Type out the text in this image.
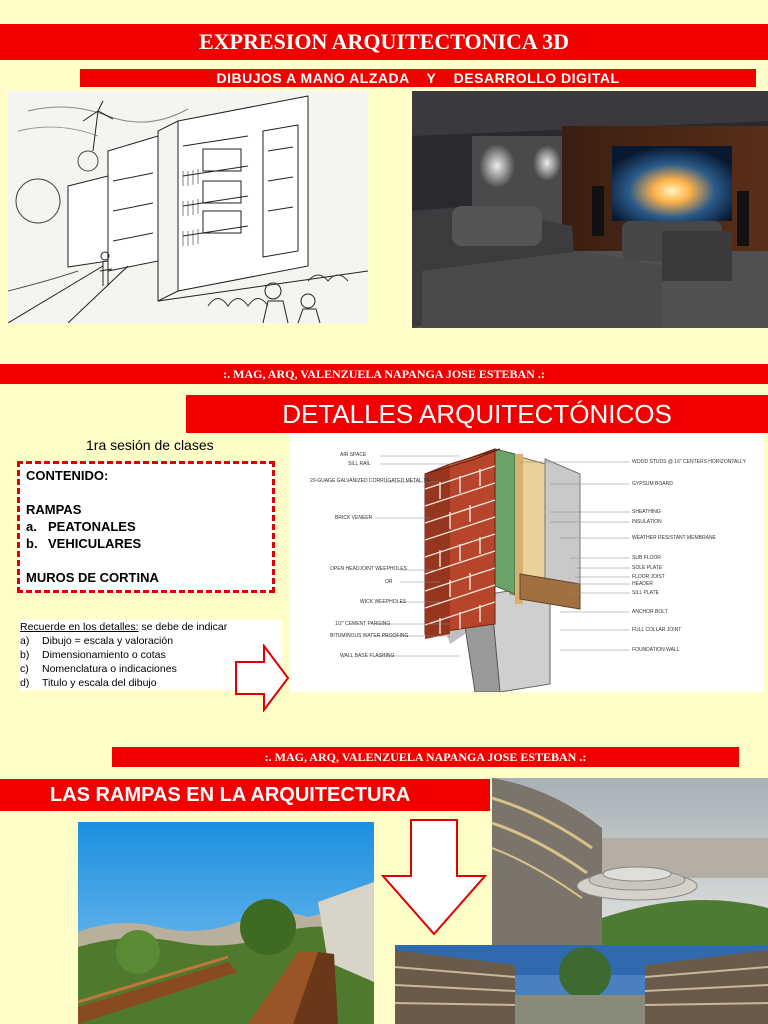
EXPRESION ARQUITECTONICA 3D
DIBUJOS A MANO ALZADA    Y    DESARROLLO DIGITAL
:. MAG, ARQ, VALENZUELA NAPANGA JOSE ESTEBAN .:
DETALLES ARQUITECTÓNICOS
1ra sesión de clases
CONTENIDO:
RAMPAS
a. PEATONALES
b. VEHICULARES
MUROS DE CORTINA
Recuerde en los detalles: se debe de indicar
a)	Dibujo = escala y valoración
b)	Dimensionamiento o cotas
c)	Nomenclatura o indicaciones
d)	Titulo y escala del dibujo
AIR SPACE
SILL RAIL
20-GUAGE GALVANIZED CORRUGATED METAL TIE
BRICK VENEER
OPEN HEADJOINT WEEPHOLES
OR
WICK WEEPHOLES
1/2" CEMENT PARGING
BITUMINOUS WATER PROOFING
WALL BASE FLASHING
WOOD STUDS @ 16" CENTERS HORIZONTALLY
GYPSUM BOARD
SHEATHING
INSULATION
WEATHER RESISTANT MEMBRANE
SUB FLOOR
SOLE PLATE
FLOOR JOIST
HEADER
SILL PLATE
ANCHOR BOLT
FULL COLLAR JOINT
FOUNDATION WALL
:. MAG, ARQ, VALENZUELA NAPANGA JOSE ESTEBAN .:
LAS RAMPAS EN LA ARQUITECTURA
